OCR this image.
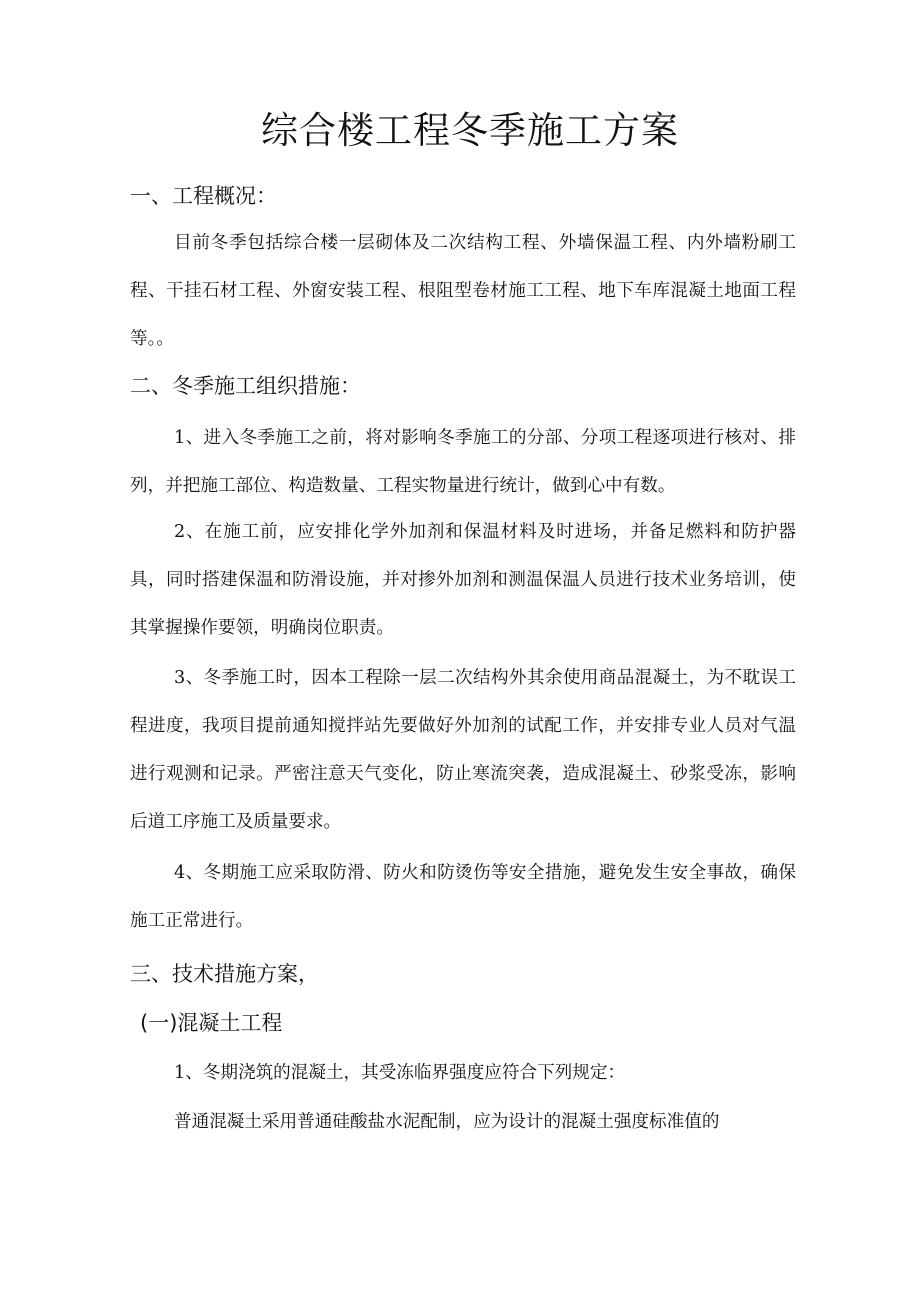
综合楼工程冬季施工方案
一、工程概况：
目前冬季包括综合楼一层砌体及二次结构工程、外墙保温工程、内外墙粉刷工程、干挂石材工程、外窗安装工程、根阻型卷材施工工程、地下车库混凝土地面工程等。。
二、冬季施工组织措施：
1、进入冬季施工之前，将对影响冬季施工的分部、分项工程逐项进行核对、排列，并把施工部位、构造数量、工程实物量进行统计，做到心中有数。
2、在施工前，应安排化学外加剂和保温材料及时进场，并备足燃料和防护器具，同时搭建保温和防滑设施，并对掺外加剂和测温保温人员进行技术业务培训，使其掌握操作要领，明确岗位职责。
3、冬季施工时，因本工程除一层二次结构外其余使用商品混凝土，为不耽误工程进度，我项目提前通知搅拌站先要做好外加剂的试配工作，并安排专业人员对气温进行观测和记录。严密注意天气变化，防止寒流突袭，造成混凝土、砂浆受冻，影响后道工序施工及质量要求。
4、冬期施工应采取防滑、防火和防烫伤等安全措施，避免发生安全事故，确保施工正常进行。
三、技术措施方案，
(一)混凝土工程
1、冬期浇筑的混凝土，其受冻临界强度应符合下列规定：
普通混凝土采用普通硅酸盐水泥配制，应为设计的混凝土强度标准值的
